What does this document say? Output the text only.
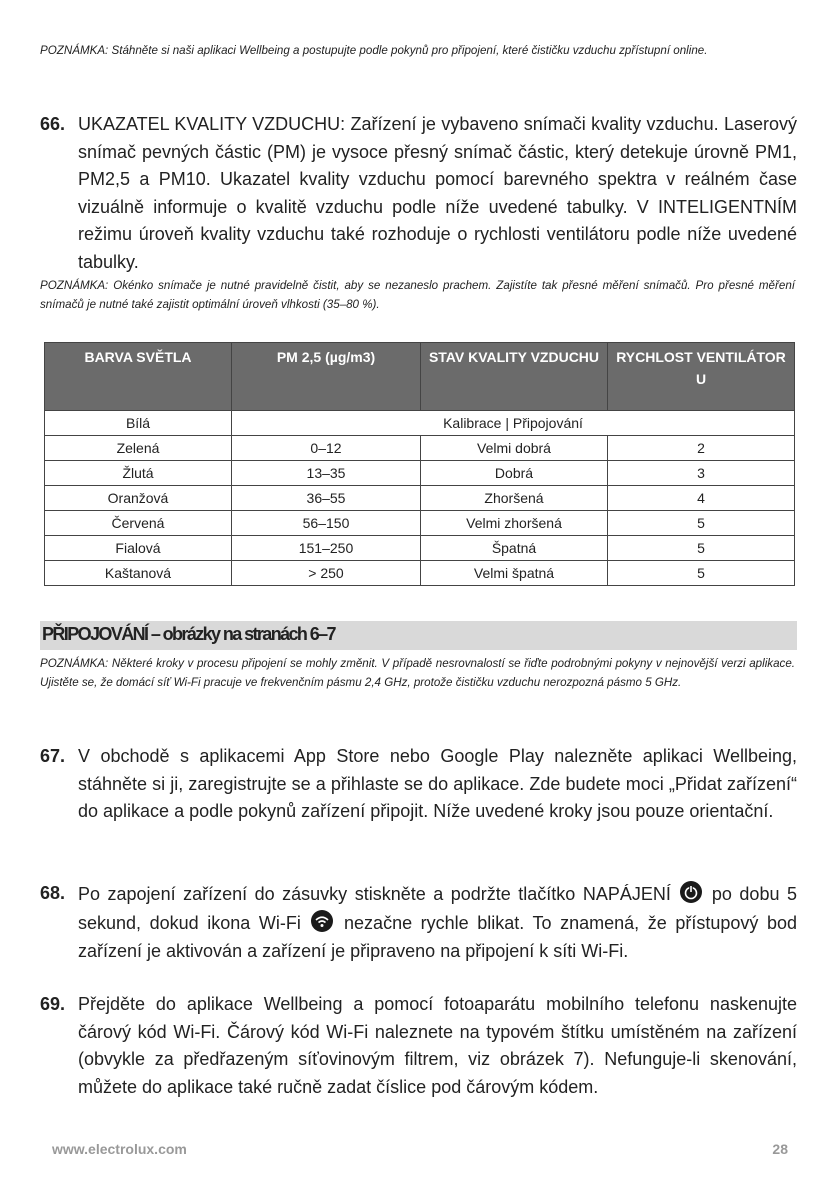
POZNÁMKA: Stáhněte si naši aplikaci Wellbeing a postupujte podle pokynů pro připojení, které čističku vzduchu zpřístupní online.
66. UKAZATEL KVALITY VZDUCHU: Zařízení je vybaveno snímači kvality vzduchu. Laserový snímač pevných částic (PM) je vysoce přesný snímač částic, který detekuje úrovně PM1, PM2,5 a PM10. Ukazatel kvality vzduchu pomocí barevného spektra v reálném čase vizuálně informuje o kvalitě vzduchu podle níže uvedené tabulky. V INTELIGENTNÍM režimu úroveň kvality vzduchu také rozhoduje o rychlosti ventilátoru podle níže uvedené tabulky.
POZNÁMKA: Okénko snímače je nutné pravidelně čistit, aby se nezaneslo prachem. Zajistíte tak přesné měření snímačů. Pro přesné měření snímačů je nutné také zajistit optimální úroveň vlhkosti (35–80 %).
BARVA SVĚTLA	PM 2,5 (µg/m3)	STAV KVALITY VZDUCHU	RYCHLOST VENTILÁTOR U
Bílá	Kalibrace | Připojování		
Zelená	0–12	Velmi dobrá	2
Žlutá	13–35	Dobrá	3
Oranžová	36–55	Zhoršená	4
Červená	56–150	Velmi zhoršená	5
Fialová	151–250	Špatná	5
Kaštanová	> 250	Velmi špatná	5
PŘIPOJOVÁNÍ – obrázky na stranách 6–7
POZNÁMKA: Některé kroky v procesu připojení se mohly změnit. V případě nesrovnalostí se řiďte podrobnými pokyny v nejnovější verzi aplikace. Ujistěte se, že domácí síť Wi-Fi pracuje ve frekvenčním pásmu 2,4 GHz, protože čističku vzduchu nerozpozná pásmo 5 GHz.
67. V obchodě s aplikacemi App Store nebo Google Play nalezněte aplikaci Wellbeing, stáhněte si ji, zaregistrujte se a přihlaste se do aplikace. Zde budete moci „Přidat zařízení“ do aplikace a podle pokynů zařízení připojit. Níže uvedené kroky jsou pouze orientační.
68. Po zapojení zařízení do zásuvky stiskněte a podržte tlačítko NAPÁJENÍ po dobu 5 sekund, dokud ikona Wi-Fi nezačne rychle blikat. To znamená, že přístupový bod zařízení je aktivován a zařízení je připraveno na připojení k síti Wi-Fi.
69. Přejděte do aplikace Wellbeing a pomocí fotoaparátu mobilního telefonu naskenujte čárový kód Wi-Fi. Čárový kód Wi-Fi naleznete na typovém štítku umístěném na zařízení (obvykle za předřazeným síťovinovým filtrem, viz obrázek 7). Nefunguje-li skenování, můžete do aplikace také ručně zadat číslice pod čárovým kódem.
www.electrolux.com	28
